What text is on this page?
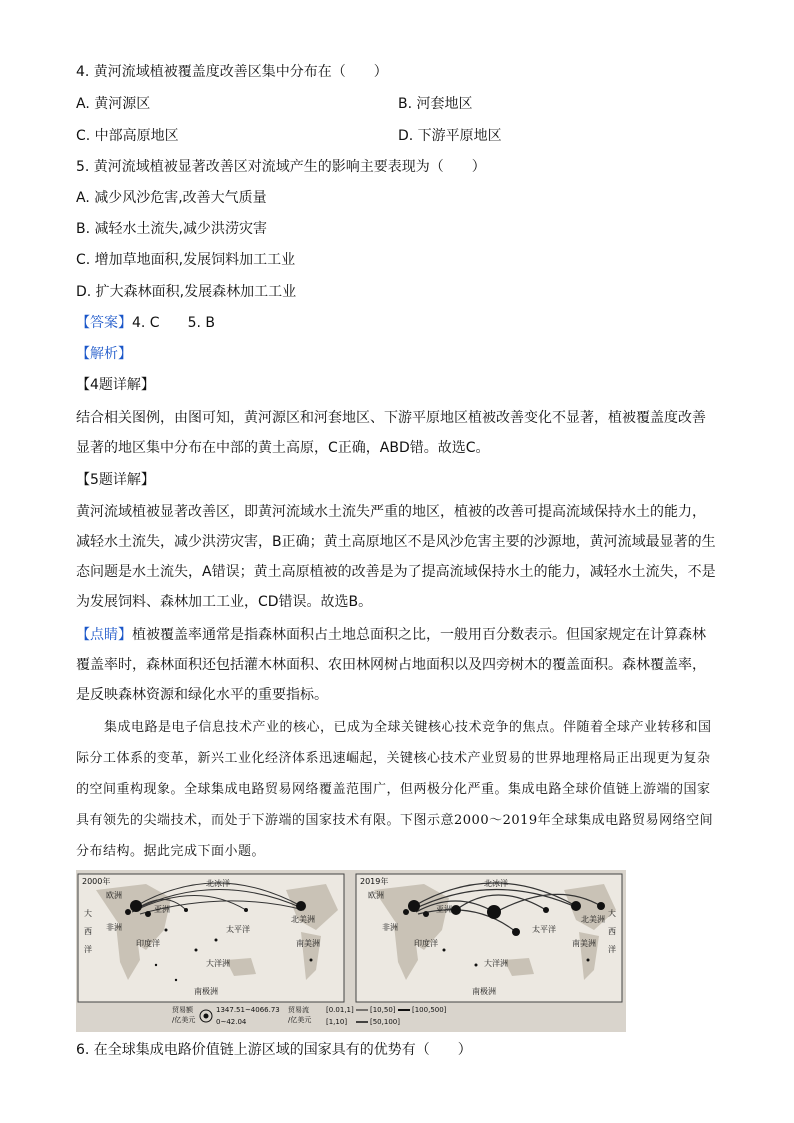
4. 黄河流域植被覆盖度改善区集中分布在（　　）
A. 黄河源区	B. 河套地区
C. 中部高原地区	D. 下游平原地区
5. 黄河流域植被显著改善区对流域产生的影响主要表现为（　　）
A. 减少风沙危害,改善大气质量
B. 减轻水土流失,减少洪涝灾害
C. 增加草地面积,发展饲料加工工业
D. 扩大森林面积,发展森林加工工业
【答案】4. C　　5. B
【解析】
【4题详解】
结合相关图例，由图可知，黄河源区和河套地区、下游平原地区植被改善变化不显著，植被覆盖度改善显著的地区集中分布在中部的黄土高原，C正确，ABD错。故选C。
【5题详解】
黄河流域植被显著改善区，即黄河流域水土流失严重的地区，植被的改善可提高流域保持水土的能力，减轻水土流失，减少洪涝灾害，B正确；黄土高原地区不是风沙危害主要的沙源地，黄河流域最显著的生态问题是水土流失，A错误；黄土高原植被的改善是为了提高流域保持水土的能力，减轻水土流失，不是为发展饲料、森林加工工业，CD错误。故选B。
【点睛】植被覆盖率通常是指森林面积占土地总面积之比，一般用百分数表示。但国家规定在计算森林覆盖率时，森林面积还包括灌木林面积、农田林网树占地面积以及四旁树木的覆盖面积。森林覆盖率，是反映森林资源和绿化水平的重要指标。
集成电路是电子信息技术产业的核心，已成为全球关键核心技术竞争的焦点。伴随着全球产业转移和国际分工体系的变革，新兴工业化经济体系迅速崛起，关键核心技术产业贸易的世界地理格局正出现更为复杂的空间重构现象。全球集成电路贸易网络覆盖范围广，但两极分化严重。集成电路全球价值链上游端的国家具有领先的尖端技术，而处于下游端的国家技术有限。下图示意2000～2019年全球集成电路贸易网络空间分布结构。据此完成下面小题。
2000年	北冰洋
欧洲
亚洲
非洲
北美洲
南美洲
印度洋
太平洋
大洋洲
南极洲
大
西
洋
2019年	北冰洋
欧洲
亚洲
非洲
北美洲
南美洲
印度洋
太平洋
大洋洲
南极洲
大
西
洋
贸易额
/亿美元
1347.51~4066.73
0~42.04
贸易流
/亿美元
[0.01,1] [10,50] [100,500]
[1,10]	[50,100]
6. 在全球集成电路价值链上游区域的国家具有的优势有（　　）
